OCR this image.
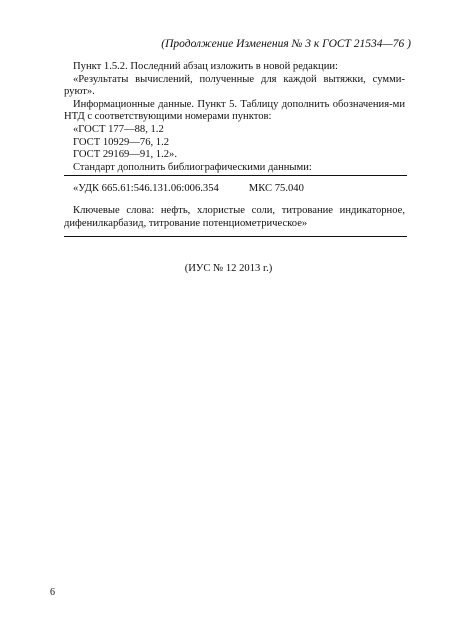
(Продолжение Изменения № 3 к ГОСТ 21534—76 )

Пункт 1.5.2. Последний абзац изложить в новой редакции:

«Результаты вычислений, полученные для каждой вытяжки, сумми-руют».

Информационные данные. Пункт 5. Таблицу дополнить обозначения-ми НТД с соответствующими номерами пунктов:

«ГОСТ 177—88, 1.2

ГОСТ 10929—76, 1.2

ГОСТ 29169—91, 1.2».

Стандарт дополнить библиографическими данными:

«УДК 665.61:546.131.06:006.354	МКС 75.040

Ключевые слова: нефть, хлористые соли, титрование индикаторное, дифенилкарбазид, титрование потенциометрическое»

(ИУС № 12 2013 г.)
6
